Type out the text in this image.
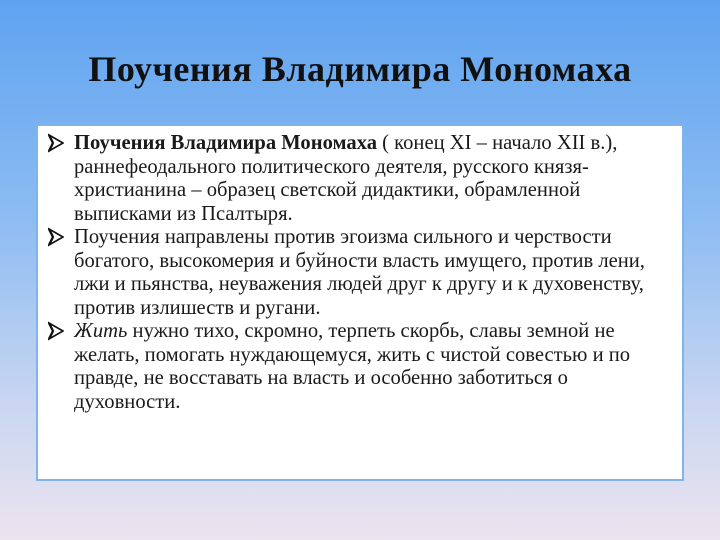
Поучения Владимира Мономаха
Поучения Владимира Мономаха ( конец XI – начало XII в.), раннефеодального политического деятеля, русского князя-христианина – образец светской дидактики, обрамленной выписками из Псалтыря.
Поучения направлены против эгоизма сильного и черствости богатого, высокомерия и буйности власть имущего, против лени, лжи и пьянства, неуважения людей друг к другу и к духовенству, против излишеств и ругани.
Жить нужно тихо, скромно, терпеть скорбь, славы земной не желать, помогать нуждающемуся, жить с чистой совестью и по правде, не восставать на власть и особенно заботиться о духовности.
